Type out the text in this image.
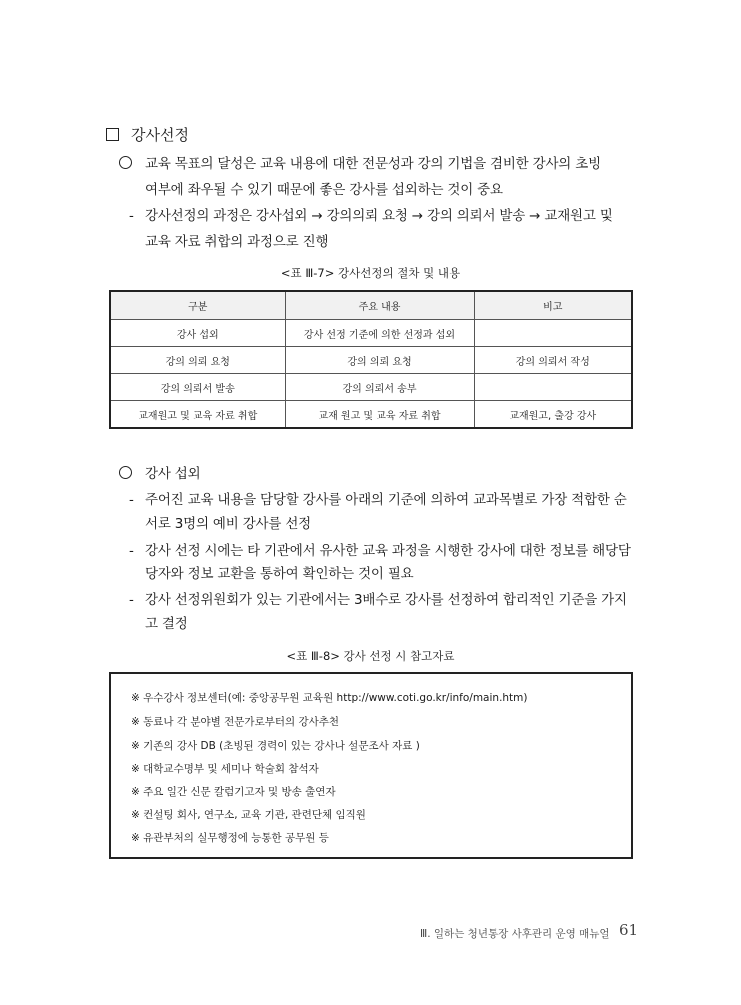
강사선정
교육 목표의 달성은 교육 내용에 대한 전문성과 강의 기법을 겸비한 강사의 초빙
여부에 좌우될 수 있기 때문에 좋은 강사를 섭외하는 것이 중요
- 강사선정의 과정은 강사섭외 → 강의의뢰 요청 → 강의 의뢰서 발송 → 교재원고 및
교육 자료 취합의 과정으로 진행
<표 Ⅲ-7> 강사선정의 절차 및 내용
구분	주요 내용	비고
강사 섭외	강사 선정 기준에 의한 선정과 섭외	
강의 의뢰 요청	강의 의뢰 요청	강의 의뢰서 작성
강의 의뢰서 발송	강의 의뢰서 송부	
교재원고 및 교육 자료 취합	교재 원고 및 교육 자료 취합	교재원고, 출강 강사
강사 섭외
- 주어진 교육 내용을 담당할 강사를 아래의 기준에 의하여 교과목별로 가장 적합한 순
서로 3명의 예비 강사를 선정
- 강사 선정 시에는 타 기관에서 유사한 교육 과정을 시행한 강사에 대한 정보를 해당담
당자와 정보 교환을 통하여 확인하는 것이 필요
- 강사 선정위원회가 있는 기관에서는 3배수로 강사를 선정하여 합리적인 기준을 가지
고 결정
<표 Ⅲ-8> 강사 선정 시 참고자료
※ 우수강사 정보센터(예: 중앙공무원 교육원 http://www.coti.go.kr/info/main.htm)
※ 동료나 각 분야별 전문가로부터의 강사추천
※ 기존의 강사 DB (초빙된 경력이 있는 강사나 설문조사 자료 )
※ 대학교수명부 및 세미나 학술회 참석자
※ 주요 일간 신문 칼럼기고자 및 방송 출연자
※ 컨설팅 회사, 연구소, 교육 기관, 관련단체 임직원
※ 유관부처의 실무행정에 능통한 공무원 등
Ⅲ. 일하는 청년통장 사후관리 운영 매뉴얼 61
